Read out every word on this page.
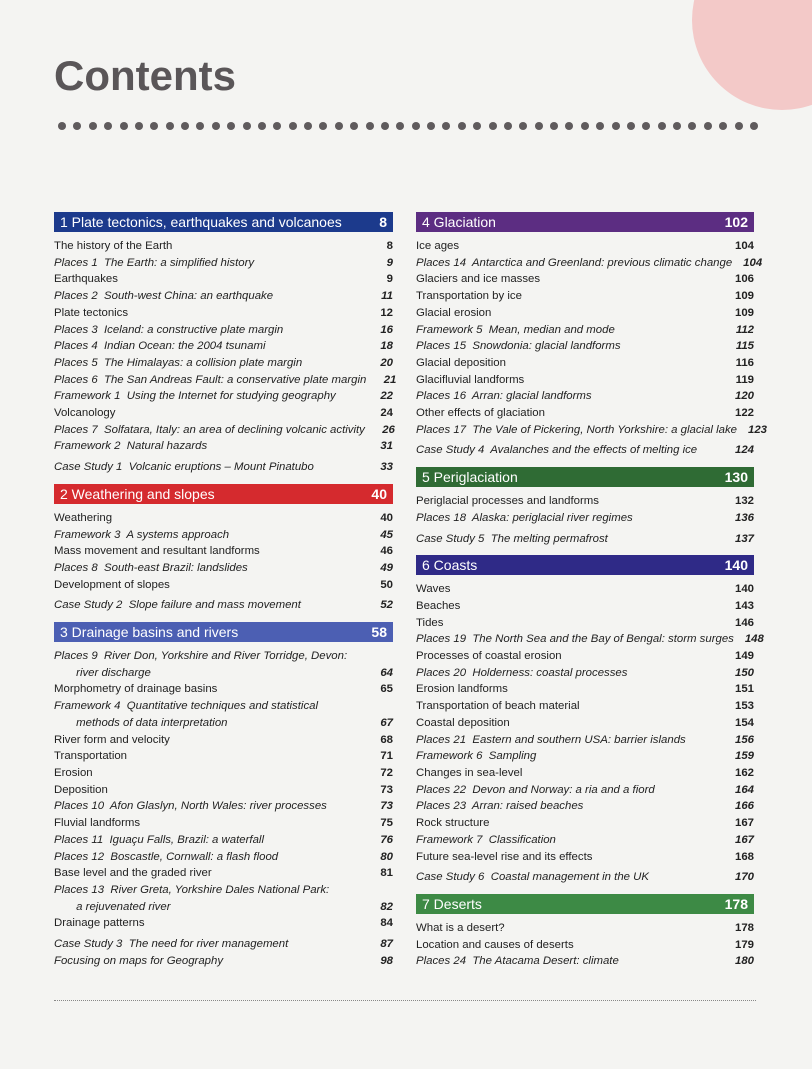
Contents
1 Plate tectonics, earthquakes and volcanoes	8
The history of the Earth	8
Places 1  The Earth: a simplified history	9
Earthquakes	9
Places 2  South-west China: an earthquake	11
Plate tectonics	12
Places 3  Iceland: a constructive plate margin	16
Places 4  Indian Ocean: the 2004 tsunami	18
Places 5  The Himalayas: a collision plate margin	20
Places 6  The San Andreas Fault: a conservative plate margin	21
Framework 1  Using the Internet for studying geography	22
Volcanology	24
Places 7  Solfatara, Italy: an area of declining volcanic activity	26
Framework 2  Natural hazards	31
Case Study 1  Volcanic eruptions – Mount Pinatubo	33
2 Weathering and slopes	40
Weathering	40
Framework 3  A systems approach	45
Mass movement and resultant landforms	46
Places 8  South-east Brazil: landslides	49
Development of slopes	50
Case Study 2  Slope failure and mass movement	52
3 Drainage basins and rivers	58
Places 9  River Don, Yorkshire and River Torridge, Devon:
river discharge	64
Morphometry of drainage basins	65
Framework 4  Quantitative techniques and statistical
methods of data interpretation	67
River form and velocity	68
Transportation	71
Erosion	72
Deposition	73
Places 10  Afon Glaslyn, North Wales: river processes	73
Fluvial landforms	75
Places 11  Iguaçu Falls, Brazil: a waterfall	76
Places 12  Boscastle, Cornwall: a flash flood	80
Base level and the graded river	81
Places 13  River Greta, Yorkshire Dales National Park:
a rejuvenated river	82
Drainage patterns	84
Case Study 3  The need for river management	87
Focusing on maps for Geography	98
4 Glaciation	102
Ice ages	104
Places 14  Antarctica and Greenland: previous climatic change 104
Glaciers and ice masses	106
Transportation by ice	109
Glacial erosion	109
Framework 5  Mean, median and mode	112
Places 15  Snowdonia: glacial landforms	115
Glacial deposition	116
Glacifluvial landforms	119
Places 16  Arran: glacial landforms	120
Other effects of glaciation	122
Places 17  The Vale of Pickering, North Yorkshire: a glacial lake 123
Case Study 4  Avalanches and the effects of melting ice	124
5 Periglaciation	130
Periglacial processes and landforms	132
Places 18  Alaska: periglacial river regimes	136
Case Study 5  The melting permafrost	137
6 Coasts	140
Waves	140
Beaches	143
Tides	146
Places 19  The North Sea and the Bay of Bengal: storm surges 148
Processes of coastal erosion	149
Places 20  Holderness: coastal processes	150
Erosion landforms	151
Transportation of beach material	153
Coastal deposition	154
Places 21  Eastern and southern USA: barrier islands	156
Framework 6  Sampling	159
Changes in sea-level	162
Places 22  Devon and Norway: a ria and a fiord	164
Places 23  Arran: raised beaches	166
Rock structure	167
Framework 7  Classification	167
Future sea-level rise and its effects	168
Case Study 6  Coastal management in the UK	170
7 Deserts	178
What is a desert?	178
Location and causes of deserts	179
Places 24  The Atacama Desert: climate	180
